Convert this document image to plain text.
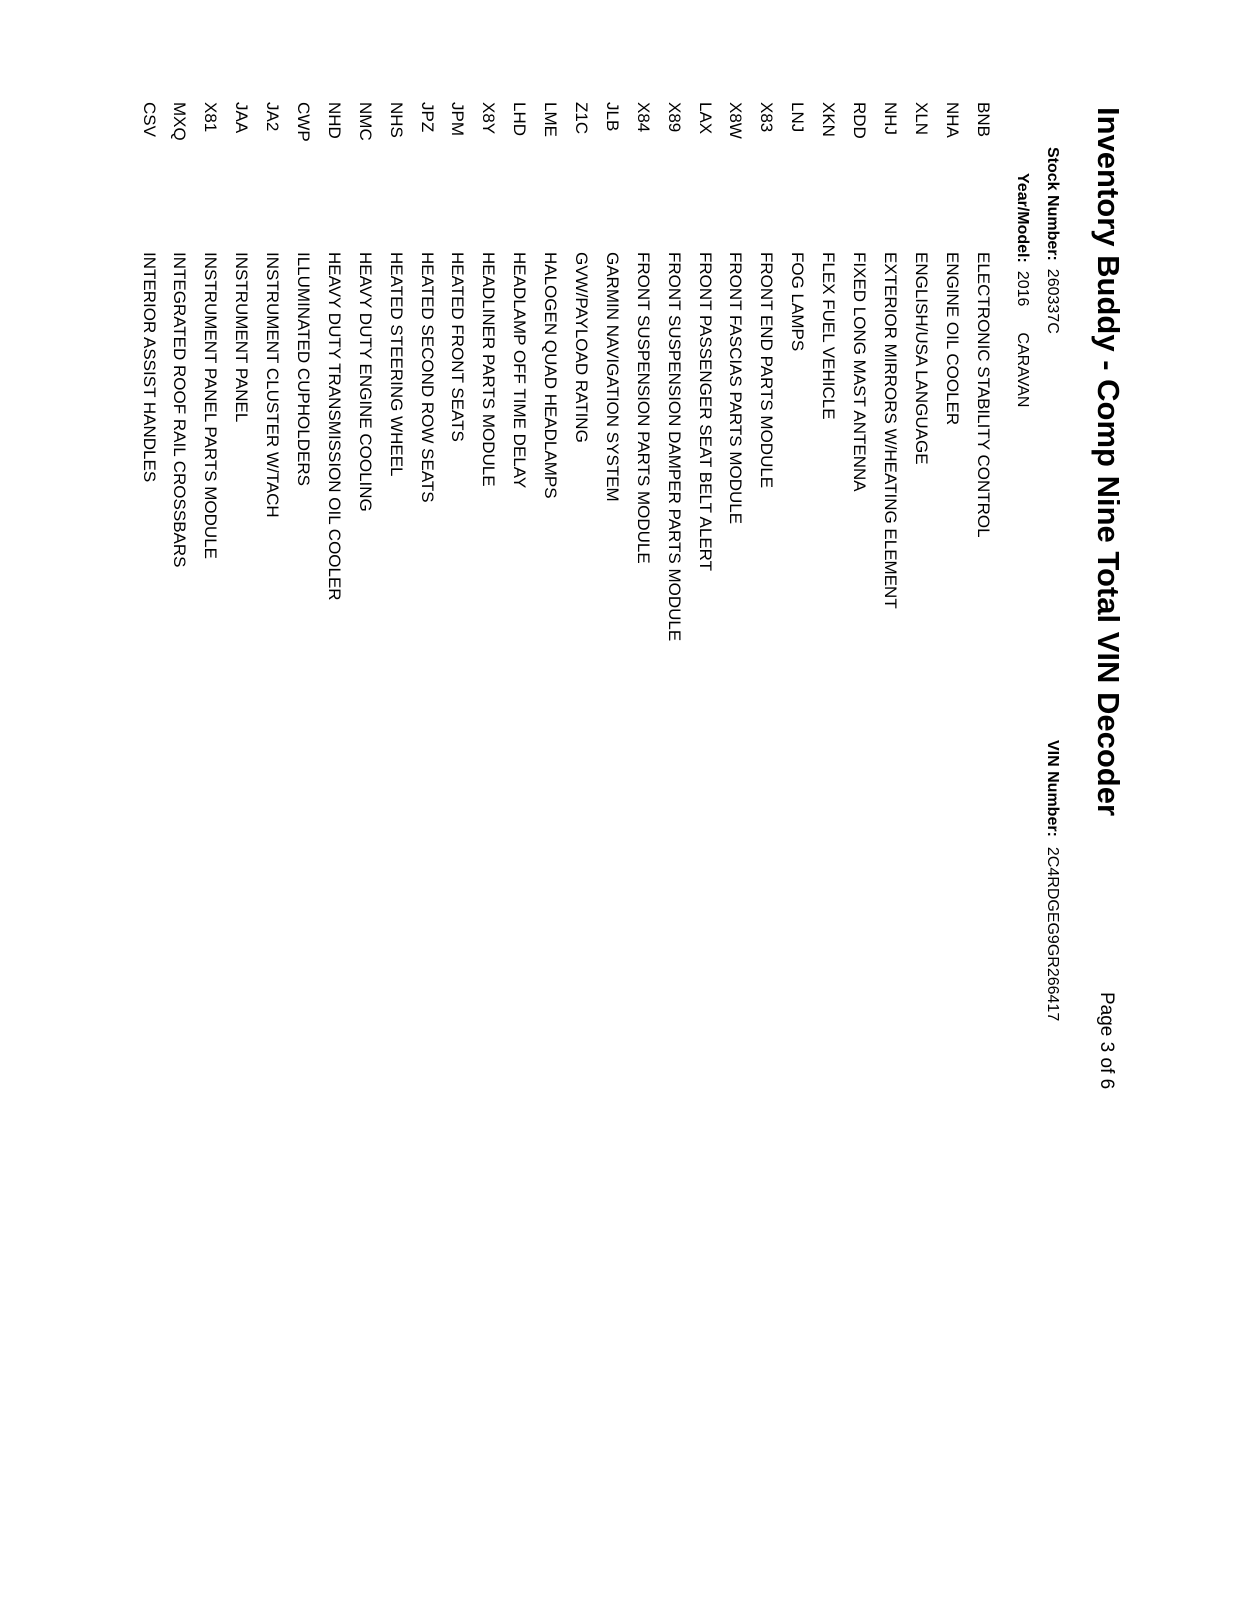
Inventory Buddy - Comp Nine Total VIN Decoder
Page 3 of 6
Stock Number:260337C
VIN Number:2C4RDGEG9GR266417
Year/Model:2016CARAVAN
BNB
ELECTRONIC STABILITY CONTROL
NHA
ENGINE OIL COOLER
XLN
ENGLISH/USA LANGUAGE
NHJ
EXTERIOR MIRRORS W/HEATING ELEMENT
RDD
FIXED LONG MAST ANTENNA
XKN
FLEX FUEL VEHICLE
LNJ
FOG LAMPS
X83
FRONT END PARTS MODULE
X8W
FRONT FASCIAS PARTS MODULE
LAX
FRONT PASSENGER SEAT BELT ALERT
X89
FRONT SUSPENSION DAMPER PARTS MODULE
X84
FRONT SUSPENSION PARTS MODULE
JLB
GARMIN NAVIGATION SYSTEM
Z1C
GVW/PAYLOAD RATING
LME
HALOGEN QUAD HEADLAMPS
LHD
HEADLAMP OFF TIME DELAY
X8Y
HEADLINER PARTS MODULE
JPM
HEATED FRONT SEATS
JPZ
HEATED SECOND ROW SEATS
NHS
HEATED STEERING WHEEL
NMC
HEAVY DUTY ENGINE COOLING
NHD
HEAVY DUTY TRANSMISSION OIL COOLER
CWP
ILLUMINATED CUPHOLDERS
JA2
INSTRUMENT CLUSTER W/TACH
JAA
INSTRUMENT PANEL
X81
INSTRUMENT PANEL PARTS MODULE
MXQ
INTEGRATED ROOF RAIL CROSSBARS
CSV
INTERIOR ASSIST HANDLES
